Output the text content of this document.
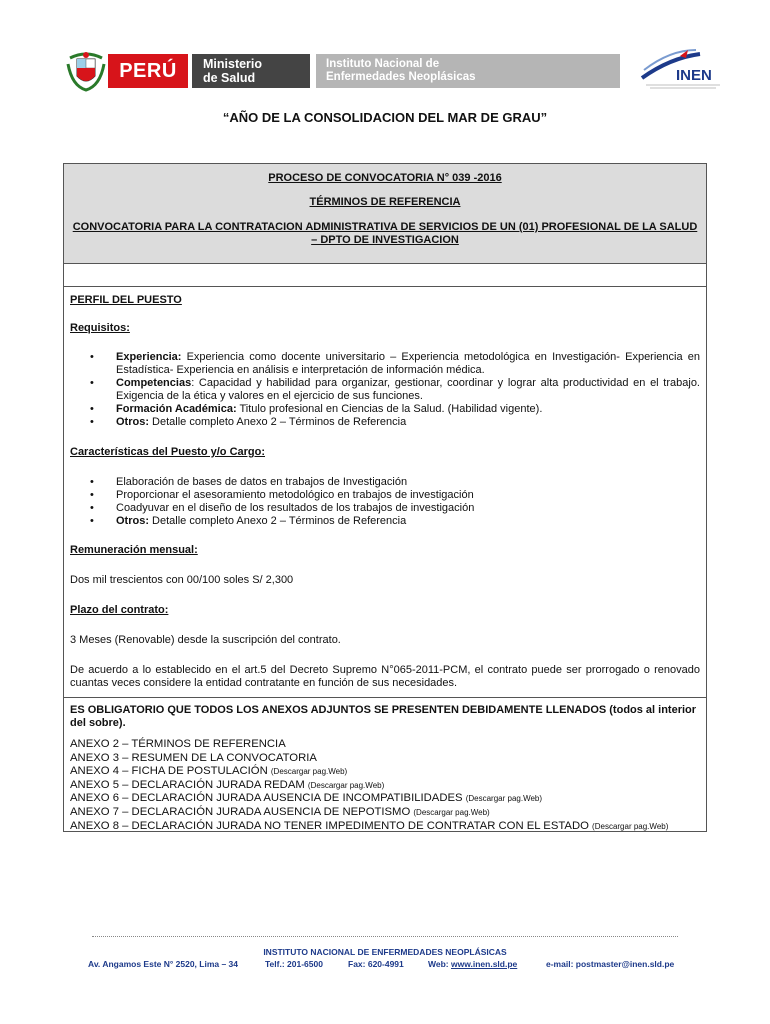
PERÚ	Ministerio
de Salud
Instituto Nacional de
Enfermedades Neoplásicas	INEN
“AÑO DE LA CONSOLIDACION DEL MAR DE GRAU”
PROCESO DE CONVOCATORIA N° 039 -2016
TÉRMINOS DE REFERENCIA
CONVOCATORIA PARA LA CONTRATACION ADMINISTRATIVA DE SERVICIOS DE UN (01) PROFESIONAL DE LA SALUD – DPTO DE INVESTIGACION
PERFIL DEL PUESTO
Requisitos:
• Experiencia: Experiencia como docente universitario – Experiencia metodológica en Investigación- Experiencia en Estadística- Experiencia en análisis e interpretación de información médica.
• Competencias: Capacidad y habilidad para organizar, gestionar, coordinar y lograr alta productividad en el trabajo. Exigencia de la ética y valores en el ejercicio de sus funciones.
• Formación Académica: Titulo profesional en Ciencias de la Salud. (Habilidad vigente).
• Otros: Detalle completo Anexo 2 – Términos de Referencia
Características del Puesto y/o Cargo:
• Elaboración de bases de datos en trabajos de Investigación
• Proporcionar el asesoramiento metodológico en trabajos de investigación
• Coadyuvar en el diseño de los resultados de los trabajos de investigación
• Otros: Detalle completo Anexo 2 – Términos de Referencia
Remuneración mensual:
Dos mil trescientos con 00/100 soles S/ 2,300
Plazo del contrato:
3 Meses (Renovable) desde la suscripción del contrato.
De acuerdo a lo establecido en el art.5 del Decreto Supremo N°065-2011-PCM, el contrato puede ser prorrogado o renovado cuantas veces considere la entidad contratante en función de sus necesidades.
ES OBLIGATORIO QUE TODOS LOS ANEXOS ADJUNTOS SE PRESENTEN DEBIDAMENTE LLENADOS (todos al interior del sobre).
ANEXO 2 – TÉRMINOS DE REFERENCIA
ANEXO 3 – RESUMEN DE LA CONVOCATORIA
ANEXO 4 – FICHA DE POSTULACIÓN (Descargar pag.Web)
ANEXO 5 – DECLARACIÓN JURADA REDAM (Descargar pag.Web)
ANEXO 6 – DECLARACIÓN JURADA AUSENCIA DE INCOMPATIBILIDADES (Descargar pag.Web)
ANEXO 7 – DECLARACIÓN JURADA AUSENCIA DE NEPOTISMO (Descargar pag.Web)
ANEXO 8 – DECLARACIÓN JURADA NO TENER IMPEDIMENTO DE CONTRATAR CON EL ESTADO (Descargar pag.Web)
INSTITUTO NACIONAL DE ENFERMEDADES NEOPLÁSICAS
Av. Angamos Este N° 2520, Lima – 34	Telf.: 201-6500	Fax: 620-4991	Web: www.inen.sld.pe	e-mail: postmaster@inen.sld.pe
